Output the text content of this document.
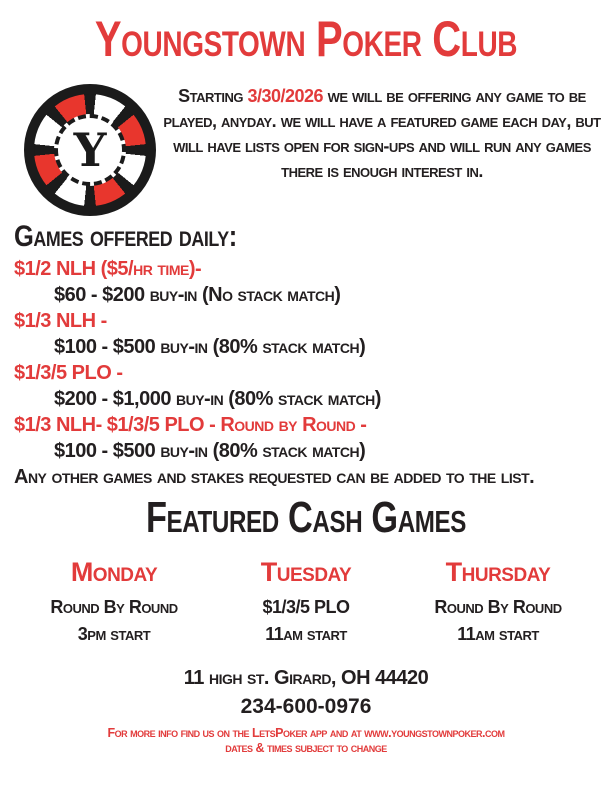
Youngstown Poker Club
Y
Starting 3/30/2026 we will be offering any game to be played, anyday. we will have a featured game each day, but will have lists open for sign-ups and will run any games there is enough interest in.
Games offered daily:
$1/2 NLH ($5/hr time)-
$60 - $200 buy-in (No stack match)
$1/3 NLH -
$100 - $500 buy-in (80% stack match)
$1/3/5 PLO -
$200 - $1,000 buy-in (80% stack match)
$1/3 NLH- $1/3/5 PLO - Round by Round -
$100 - $500 buy-in (80% stack match)
Any other games and stakes requested can be added to the list.
Featured Cash Games
Monday
Round By Round
3pm start
Tuesday
$1/3/5 PLO
11am start
Thursday
Round By Round
11am start
11 high st. Girard, OH 44420
234-600-0976
For more info find us on the LetsPoker app and at www.youngstownpoker.com
dates & times subject to change
